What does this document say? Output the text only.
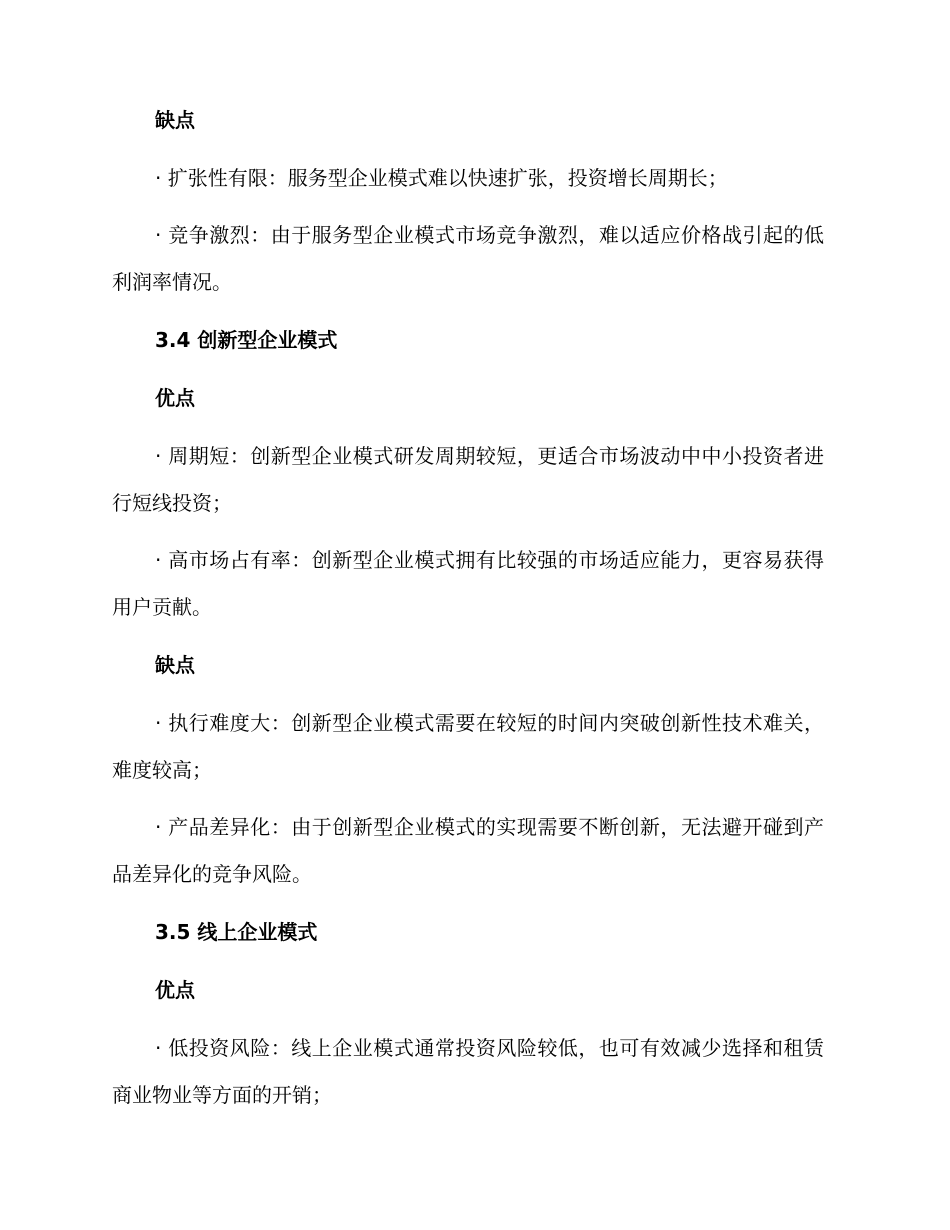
缺点
· 扩张性有限：服务型企业模式难以快速扩张，投资增长周期长；
· 竞争激烈：由于服务型企业模式市场竞争激烈，难以适应价格战引起的低利润率情况。
3.4 创新型企业模式
优点
· 周期短：创新型企业模式研发周期较短，更适合市场波动中中小投资者进行短线投资；
· 高市场占有率：创新型企业模式拥有比较强的市场适应能力，更容易获得用户贡献。
缺点
· 执行难度大：创新型企业模式需要在较短的时间内突破创新性技术难关，难度较高；
· 产品差异化：由于创新型企业模式的实现需要不断创新，无法避开碰到产品差异化的竞争风险。
3.5 线上企业模式
优点
· 低投资风险：线上企业模式通常投资风险较低，也可有效减少选择和租赁商业物业等方面的开销；
